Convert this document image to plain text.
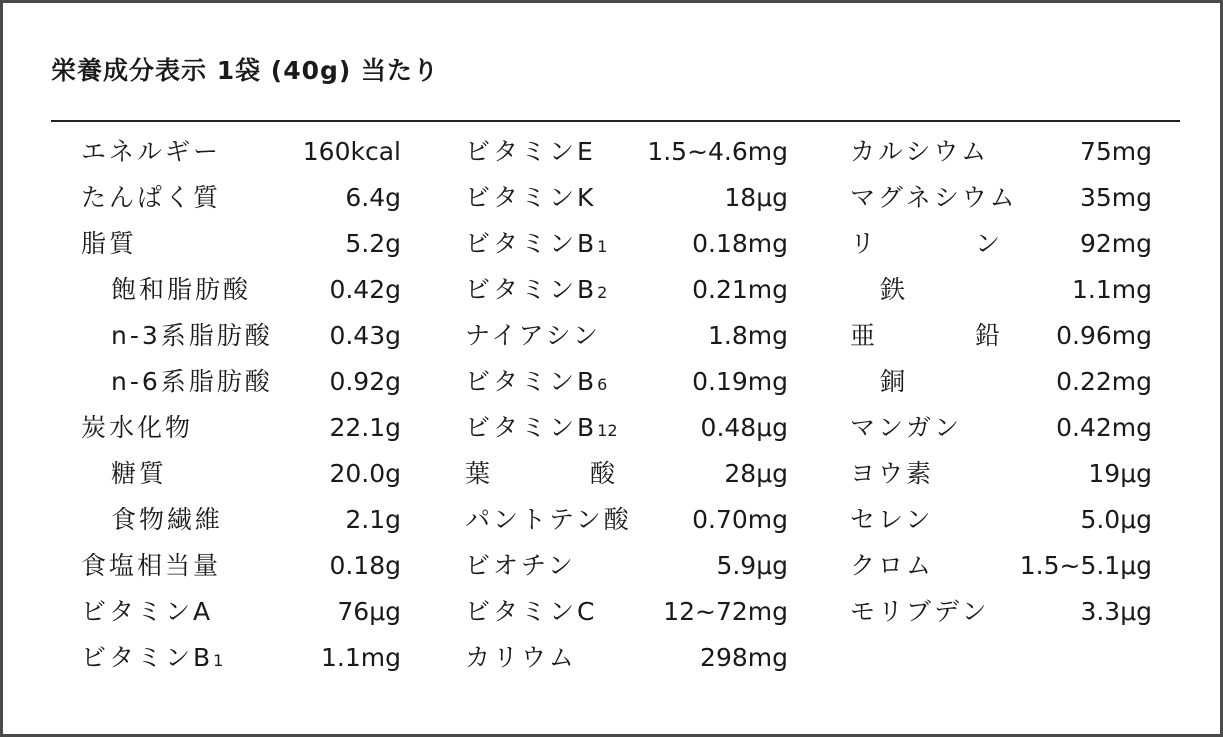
栄養成分表示 1袋 (40g) 当たり
エネルギー	160kcal
たんぱく質	6.4g
脂質	5.2g
飽和脂肪酸	0.42g
n-3系脂肪酸 0.43g
n-6系脂肪酸 0.92g
炭水化物	22.1g
糖質	20.0g
食物繊維	2.1g
食塩相当量	0.18g
ビタミンA	76μg
ビタミンB1	1.1mg
ビタミンE 1.5~4.6mg
ビタミンK	18μg
ビタミンB1	0.18mg
ビタミンB2	0.21mg
ナイアシン	1.8mg
ビタミンB6	0.19mg
ビタミンB12	0.48μg
葉	酸	28μg
パントテン酸 0.70mg
ビオチン	5.9μg
ビタミンC	12~72mg
カリウム	298mg
カルシウム	75mg
マグネシウム 35mg
リ	ン	92mg
鉄	1.1mg
亜	鉛 0.96mg
銅	0.22mg
マンガン	0.42mg
ヨウ素	19μg
セレン	5.0μg
クロム	1.5~5.1μg
モリブデン	3.3μg
